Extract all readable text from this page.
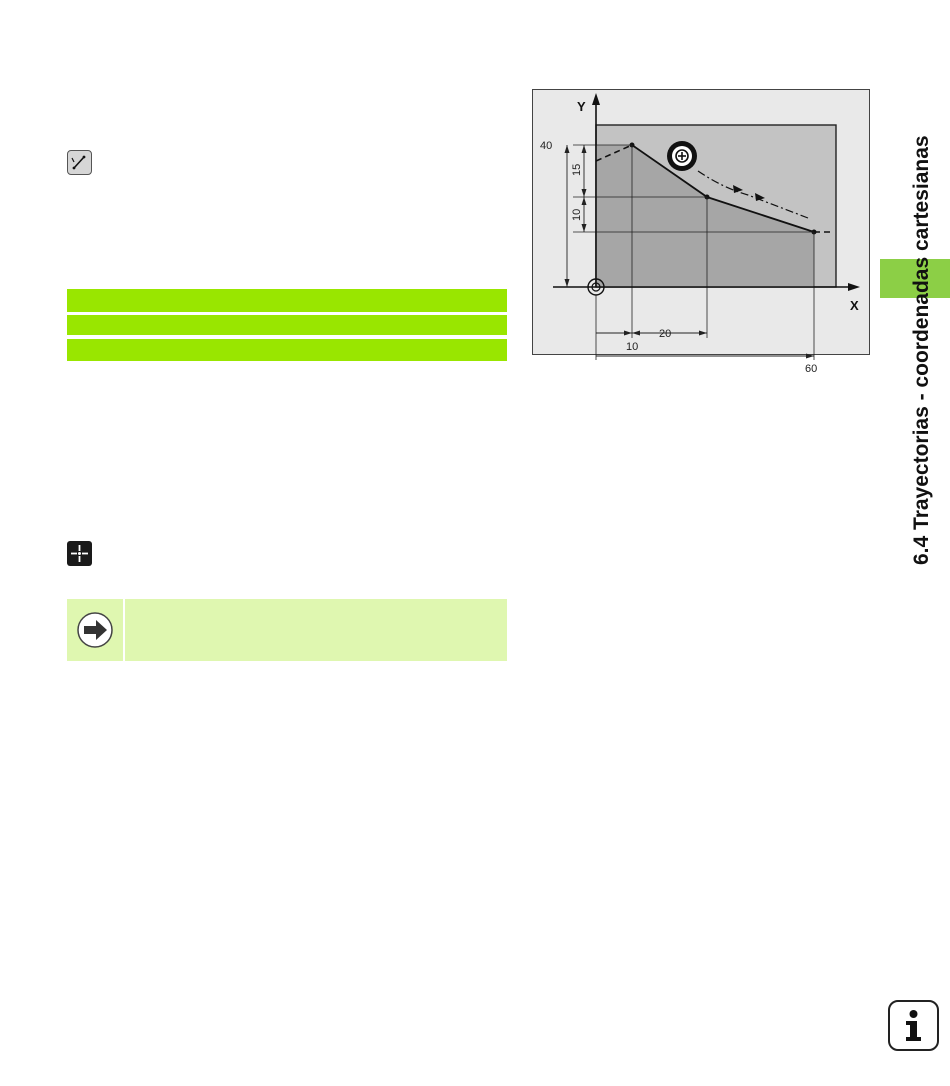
Y
X
40
15
10
20
10
60	6.4 Trayectorias - coordenadas cartesianas
